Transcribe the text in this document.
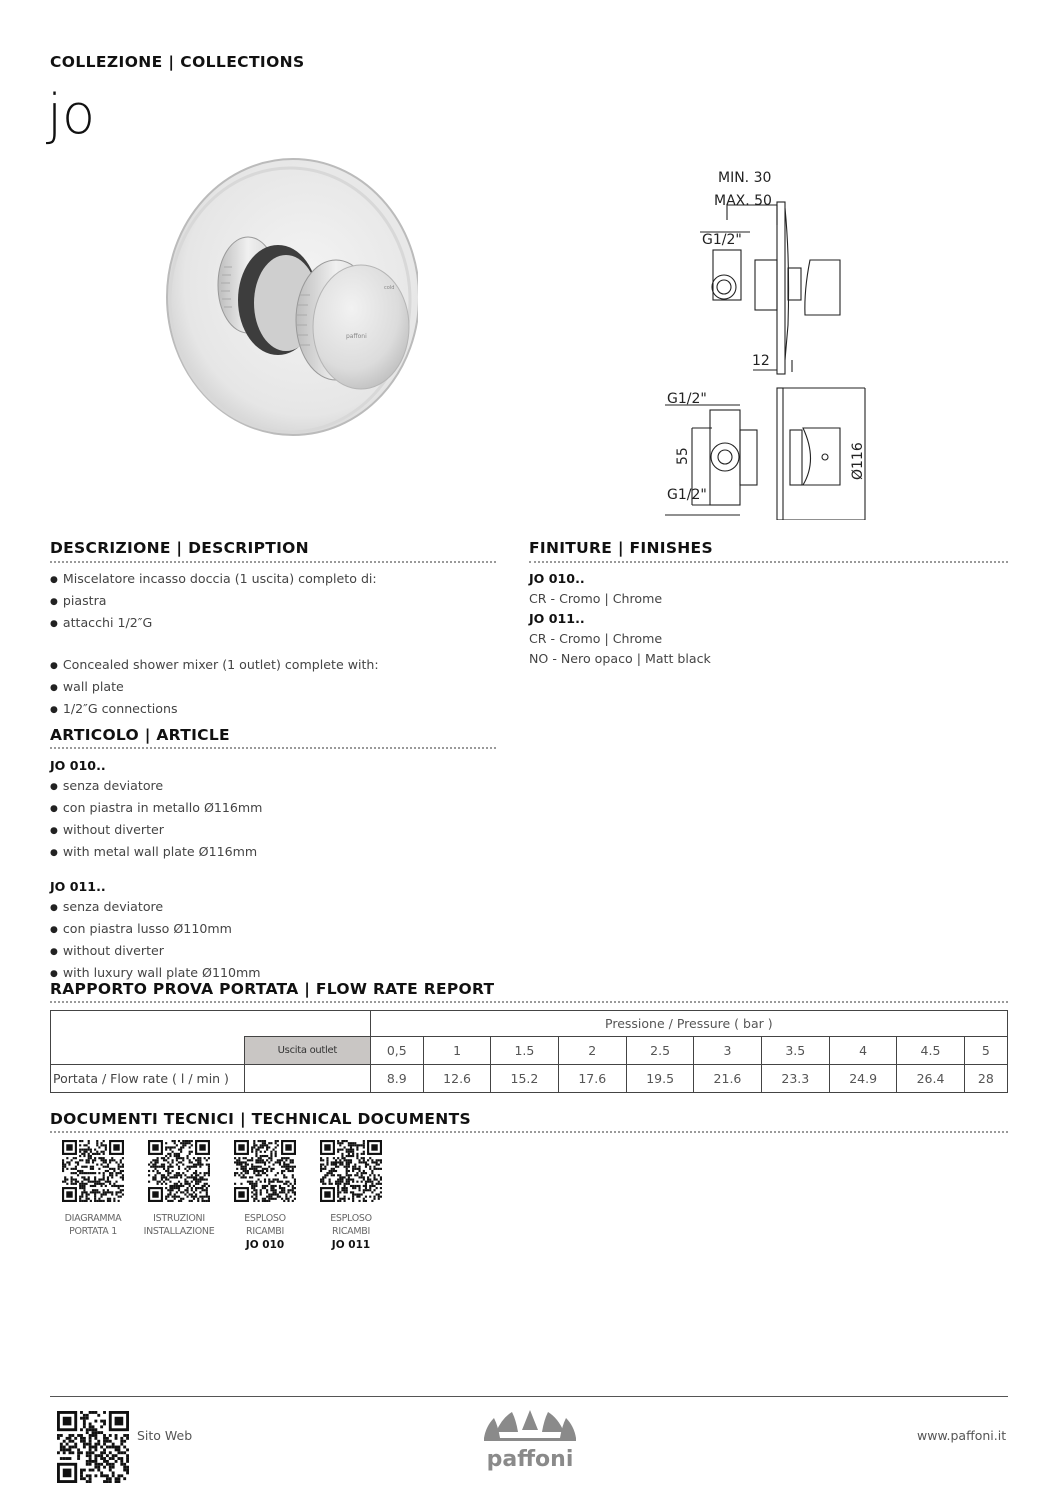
COLLEZIONE | COLLECTIONS
jo
paffoni
cold
MIN. 30
MAX. 50
G1/2"
12
G1/2"
G1/2"
55	Ø116
DESCRIZIONE | DESCRIPTION
● Miscelatore incasso doccia (1 uscita) completo di:
● piastra
● attacchi 1/2″G
● Concealed shower mixer (1 outlet) complete with:
● wall plate
● 1/2″G connections
FINITURE | FINISHES
JO 010..
CR - Cromo | Chrome
JO 011..
CR - Cromo | Chrome
NO - Nero opaco | Matt black
ARTICOLO | ARTICLE
JO 010..
● senza deviatore
● con piastra in metallo Ø116mm
● without diverter
● with metal wall plate Ø116mm
JO 011..
● senza deviatore
● con piastra lusso Ø110mm
● without diverter
● with luxury wall plate Ø110mm
RAPPORTO PROVA PORTATA | FLOW RATE REPORT
		Pressione / Pressure ( bar )									
	Uscita outlet	0,5	1	1.5	2	2.5	3	3.5	4	4.5	5
Portata / Flow rate ( l / min )		8.9	12.6	15.2	17.6	19.5	21.6	23.3	24.9	26.4	28
DOCUMENTI TECNICI | TECHNICAL DOCUMENTS
DIAGRAMMA
PORTATA 1
ISTRUZIONI
INSTALLAZIONE
ESPLOSO
RICAMBI
JO 010
ESPLOSO
RICAMBI
JO 011
Sito Web
paffoni
www.paffoni.it
